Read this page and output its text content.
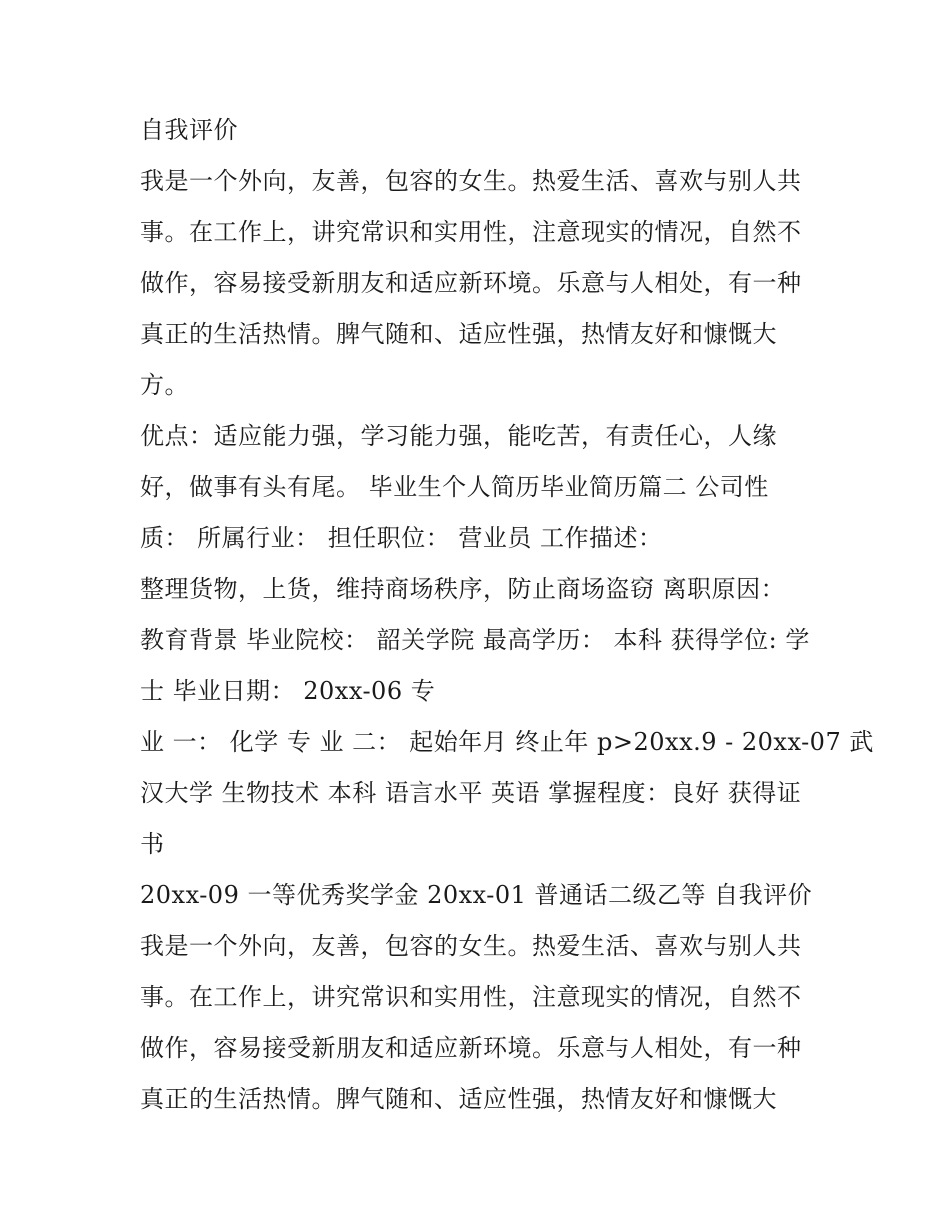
自我评价
我是一个外向，友善，包容的女生。热爱生活、喜欢与别人共
事。在工作上，讲究常识和实用性，注意现实的情况，自然不
做作，容易接受新朋友和适应新环境。乐意与人相处，有一种
真正的生活热情。脾气随和、适应性强，热情友好和慷慨大
方。
优点：适应能力强，学习能力强，能吃苦，有责任心，人缘
好，做事有头有尾。 毕业生个人简历毕业简历篇二 公司性
质： 所属行业： 担任职位： 营业员 工作描述：
整理货物，上货，维持商场秩序，防止商场盗窃 离职原因：
教育背景 毕业院校： 韶关学院 最高学历： 本科 获得学位: 学
士 毕业日期： 20xx-06 专
业 一： 化学 专 业 二： 起始年月 终止年 p>20xx.9 - 20xx-07 武
汉大学 生物技术 本科 语言水平 英语 掌握程度：良好 获得证
书
20xx-09 一等优秀奖学金 20xx-01 普通话二级乙等 自我评价
我是一个外向，友善，包容的女生。热爱生活、喜欢与别人共
事。在工作上，讲究常识和实用性，注意现实的情况，自然不
做作，容易接受新朋友和适应新环境。乐意与人相处，有一种
真正的生活热情。脾气随和、适应性强，热情友好和慷慨大
